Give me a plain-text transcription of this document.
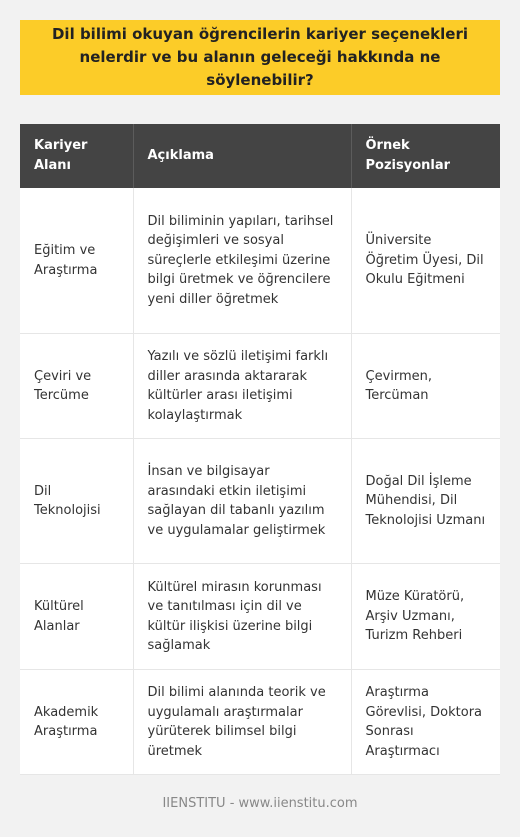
Dil bilimi okuyan öğrencilerin kariyer seçenekleri nelerdir ve bu alanın geleceği hakkında ne söylenebilir?
Kariyer Alanı	Açıklama	Örnek Pozisyonlar
Eğitim ve Araştırma	Dil biliminin yapıları, tarihsel değişimleri ve sosyal süreçlerle etkileşimi üzerine bilgi üretmek ve öğrencilere yeni diller öğretmek	Üniversite Öğretim Üyesi, Dil Okulu Eğitmeni
Çeviri ve Tercüme	Yazılı ve sözlü iletişimi farklı diller arasında aktararak kültürler arası iletişimi kolaylaştırmak	Çevirmen, Tercüman
Dil Teknolojisi	İnsan ve bilgisayar arasındaki etkin iletişimi sağlayan dil tabanlı yazılım ve uygulamalar geliştirmek	Doğal Dil İşleme Mühendisi, Dil Teknolojisi Uzmanı
Kültürel Alanlar	Kültürel mirasın korunması ve tanıtılması için dil ve kültür ilişkisi üzerine bilgi sağlamak	Müze Küratörü, Arşiv Uzmanı, Turizm Rehberi
Akademik Araştırma	Dil bilimi alanında teorik ve uygulamalı araştırmalar yürüterek bilimsel bilgi üretmek	Araştırma Görevlisi, Doktora Sonrası Araştırmacı
IIENSTITU - www.iienstitu.com
